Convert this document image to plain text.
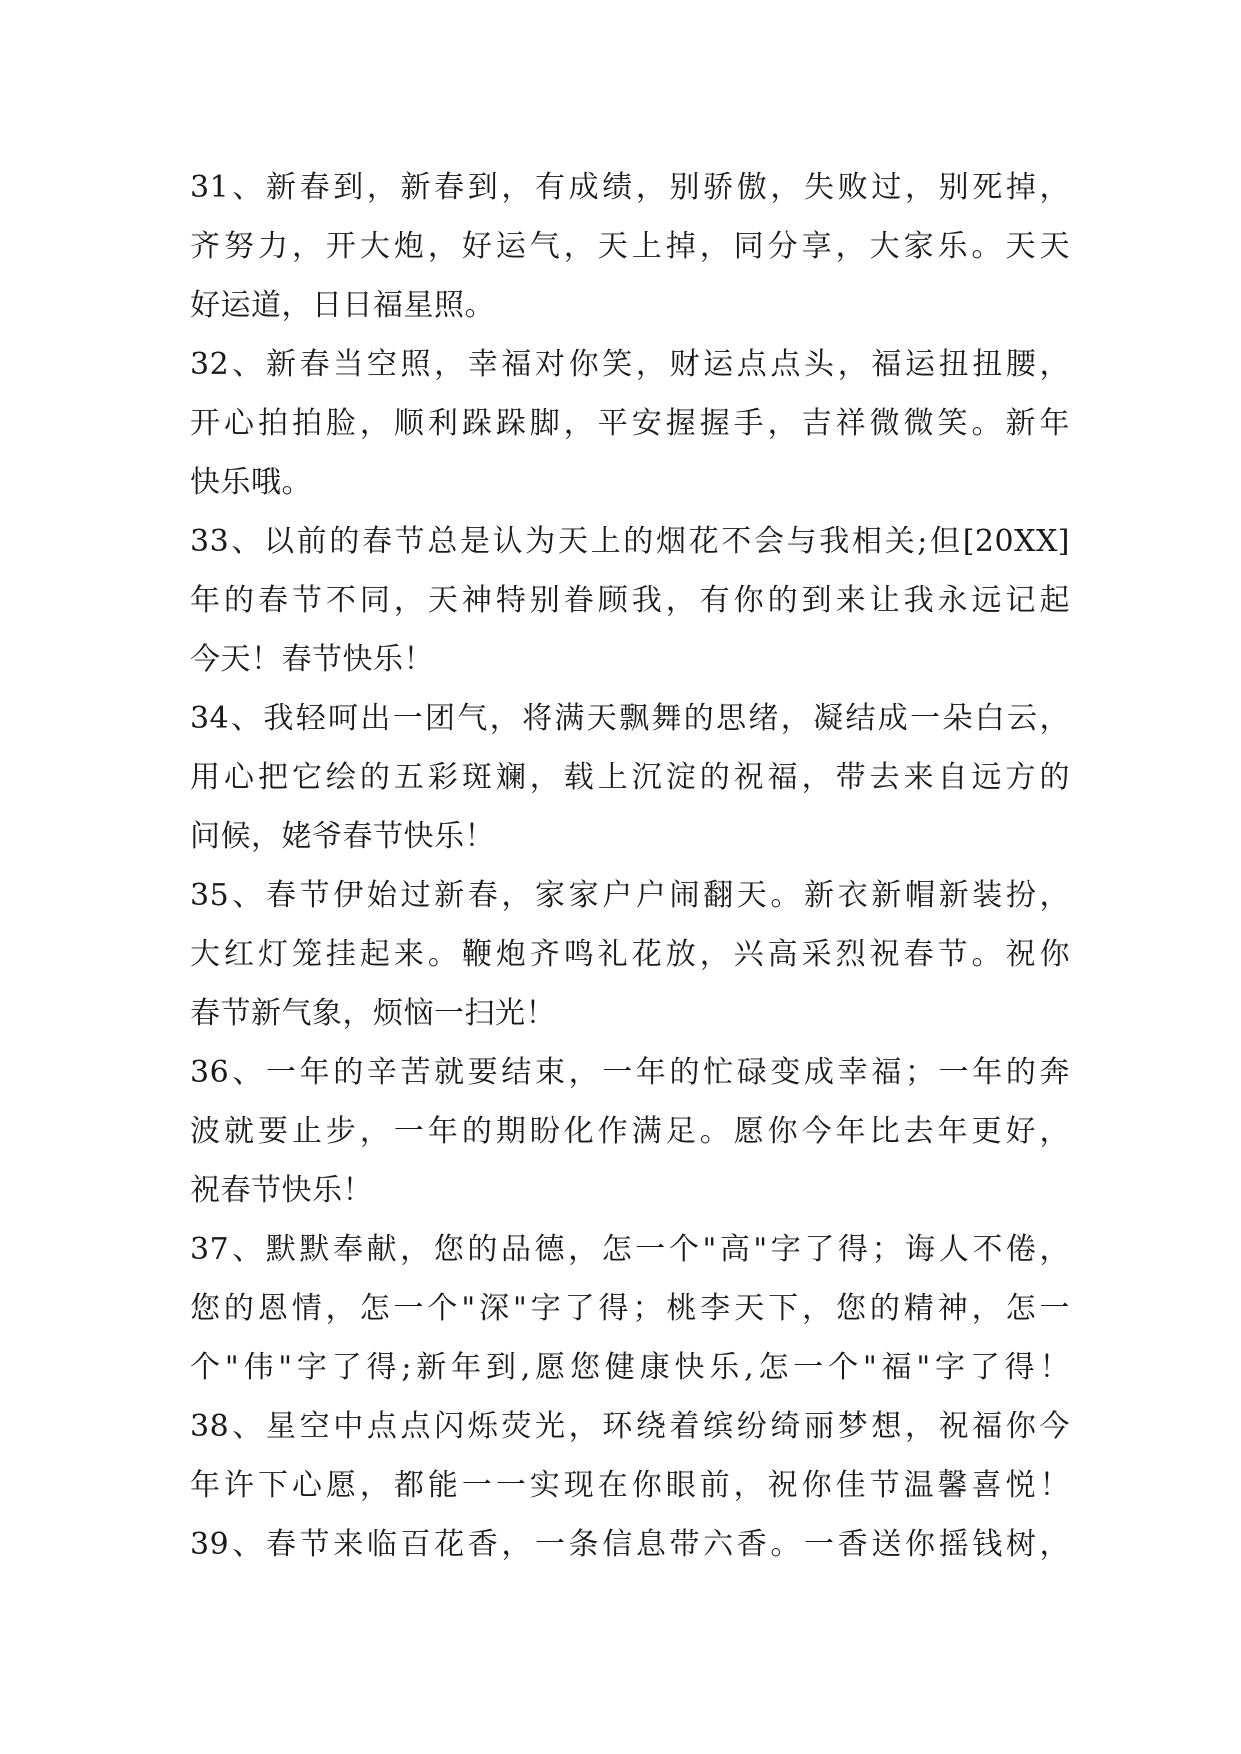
31、新春到，新春到，有成绩，别骄傲，失败过，别死掉，
齐努力，开大炮，好运气，天上掉，同分享，大家乐。天天
好运道，日日福星照。
32、新春当空照，幸福对你笑，财运点点头，福运扭扭腰，
开心拍拍脸，顺利跺跺脚，平安握握手，吉祥微微笑。新年
快乐哦。
33、以前的春节总是认为天上的烟花不会与我相关;但[20XX]
年的春节不同，天神特别眷顾我，有你的到来让我永远记起
今天！春节快乐！
34、我轻呵出一团气，将满天飘舞的思绪，凝结成一朵白云，
用心把它绘的五彩斑斓，载上沉淀的祝福，带去来自远方的
问候，姥爷春节快乐！
35、春节伊始过新春，家家户户闹翻天。新衣新帽新装扮，
大红灯笼挂起来。鞭炮齐鸣礼花放，兴高采烈祝春节。祝你
春节新气象，烦恼一扫光！
36、一年的辛苦就要结束，一年的忙碌变成幸福；一年的奔
波就要止步，一年的期盼化作满足。愿你今年比去年更好，
祝春节快乐！
37、默默奉献，您的品德，怎一个"高"字了得；诲人不倦，
您的恩情，怎一个"深"字了得；桃李天下，您的精神，怎一
个"伟"字了得;新年到,愿您健康快乐,怎一个"福"字了得！
38、星空中点点闪烁荧光，环绕着缤纷绮丽梦想，祝福你今
年许下心愿，都能一一实现在你眼前，祝你佳节温馨喜悦！
39、春节来临百花香，一条信息带六香。一香送你摇钱树，
